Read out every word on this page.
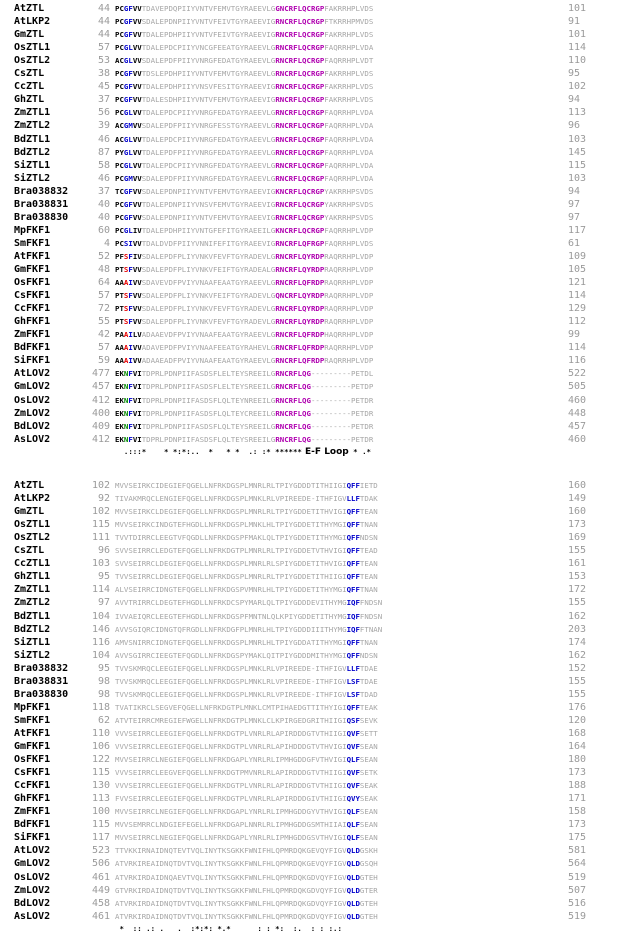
AtZTL	44 PCGFVVTDAVEPDQPIIYVNTVFEMVTGYRAEEVLGGNCRFLQCRGPFAKRRHPLVDS	101
AtLKP2	44 PCGFVVSDALEPDNPIIYVNTVFEIVTGYRAEEVIGRNCRFLQCRGPFTKRRHPMVDS	91
GmZTL	44 PCGFVVTDALEPDHPIIYVNTVFEIVTGYRAEEVIGRNCRFLQCRGPFAKRRHPLVDS	101
OsZTL1	57 PCGLVVTDALEPDCPIIYVNCGFEEATGYRAEEVLGRNCRFLQCRGPFAQRRHPLVDA	114
OsZTL2	53 ACGLVVSDALEPDFPIIYVNRGFEDATGYRAEEVLGRNCRFLQCRGPFAQRRHPLVDT	110
CsZTL	38 PCGFVVTDSLEPDHPIIYVNTVFEMVTGYRAEEVLGRNCRFLQCRGPFAKRRHPLVDS	95
CcZTL	45 PCGFVVTDALEPDHPIIYVNSVFESITGYRAEEVIGRNCRFLQCRGPFAKRRHPLVDS	102
GhZTL	37 PCGFVVTDALESDHPIIYVNTVFEMVTGYRAEEVIGRNCRFLQCRGPFAKRRHPLVDS	94
ZmZTL1	56 PCGLVVTDALEPDCPIIYVNRGFEDATGYRAEEVLGRNCRFLQCRGPFAQRRHPLVDA	113
ZmZTL2	39 ACGMVVSDALEPDFPIIYVNRGFESSTGYRAEEVLGRNCRFLQCRGPFAQRRHPLVDA	96
BdZTL1	46 ACGLVVTDALEPDCPIIYVNRGFEDATGYRAEEVLGRNCRFLQCRGPFAQRRHPLVDA	103
BdZTL2	87 PYGLVVTDALEPDFPIIYVNRGFEDATGYRAEEVLGRNCRFLQCRGPFAQRRHPLVDA	145
SiZTL1	58 PCGLVVTDALEPDCPIIYVNRGFEDATGYRAEEVLGRNCRFLQCRGPFAQRRHPLVDA	115
SiZTL2	46 PCGMVVSDALEPDFPIIYVNRGFEDATGYRAEEVLGRNCRFLQCRGPFAQRRHPLVDA	103
Bra038832	37 TCGFVVSDALEPDNPIIYVNTVFEMVTGYRAEEVIGKNCRFLQCRGPYAKRRHPSVDS	94
Bra038831	40 PCGFVVTDALEPDNPIIYVNSVFEMVTGYRAEEVIGRNCRFLQCRGPYAKRRHPSVDS	97
Bra038830	40 PCGFVVSDALEPDNPIIYVNTVFEMVTGYRAEEVIGRNCRFLQCRGPYAKRRHPSVDS	97
MpFKF1	60 PCGLIVTDALEPDHPIIYVNTGFEFITGYRAEEILGKNCRFLQCRGPFAQRRHPLVDP	117
SmFKF1	4 PCSIVVTDALDVDFPIIYVNNIFEFITGYRAEEVIGRNCRFLQFRGPFAQRRHPLVDS	61
AtFKF1	52 PFSFIVSDALEPDFPLIYVNKVFEVFTGYRADEVLGRNCRFLQYRDPRAQRRHPLVDP	109
GmFKF1	48 PTSFVVSDALEPDFPLIYVNKVFEIFTGYRADEALGRNCRFLQYRDPRAQRRHPLVDP	105
OsFKF1	64 AAAIVVSDAVEVDFPVIYVNAAFEAATGYRAEEVLGRNCRFLQFRDPRAQRRHPLVDP	121
CsFKF1	57 PTSFVVSDALEPDFPLIYVNKVFEIFTGYRADEVLGQNCRFLQYRDPRAQRRHPLVDP	114
CcFKF1	72 PTSFVVSDALEPDFPLIYVNKVFEVFTGYRADEVLGRNCRFLQYRDPRAQRRHPLVDP	129
GhFKF1	55 PTSFVVSDALEPDFPLIYVNKVFEVFTGYRADEVLGRNCRFLQYRDPRAQRRHPLVDP	112
ZmFKF1	42 PAAILVADAAEVDFPVIYVNAAFEAATGYRAEEVLGRNCRFLQFRDPHAQRRHPLVDP	99
BdFKF1	57 AAAIVVADAVEPDFPVIYVNAAFEEATGYRAHEVLGRNCRFLQFRDPRAQRRHPLVDP	114
SiFKF1	59 AAAIVVADAAEADFPVIYVNAAFEAATGYRAEEVLGRNCRFLQFRDPRAQRRHPLVDP	116
AtLOV2	477 EKNFVITDPRLPDNPIIFASDSFLELTEYSREEILGRNCRFLQG---------PETDL	522
GmLOV2	457 EKNFVITDPRLPDNPIIFASDSFLELTEYSREEILGRNCRFLQG---------PETDP	505
OsLOV2	412 EKNFVITDPRLPDNPIIFASDSFLQLTEYNREEILGRNCRFLQG---------PETDR	460
ZmLOV2	400 EKNFVITDPRLPDNPIIFASDSFLQLTEYCREEILGRNCRFLQG---------PETDR	448
BdLOV2	409 EKNFVITDPRLPDNPIIFASDSFLQLTEYSREEILGRNCRFLQG---------PETDR	457
AsLOV2	412 EKNFVITDPRLPDNPIIFASDSFLQLTEYSREEILGRNCRFLQG---------PETDR	460
.:::*    * *:*:..  *   * *  .: :* ****** E-F Loop * .*
AtZTL	102 MVVSEIRKCIDEGIEFQGELLNFRKDGSPLMNRLRLTPIYGDDDTITHIIGIQFFIETD	160
AtLKP2	92 TIVAKMRQCLENGIEFQGELLNFRKDGSPLMNKLRLVPIREEDE-ITHFIGVLLFTDAK	149
GmZTL	102 MVVSEIRKCLDEGIEFQGELLNFRKDGSPLMNRLRLTPIYGDDETITHVIGIQFFTEAN	160
OsZTL1	115 MVVSEIRKCINDGTEFHGDLLNFRKDGSPLMNKLHLTPIYGDDETITHYMGIQFFTNAN	173
OsZTL2	111 TVVTDIRRCLEEGTVFQGDLLNFRKDGSPFMAKLQLTPIYGDDETITHYMGIQFFNDSN	169
CsZTL	96 SVVSEIRRCLEDGTEFQGELLNFRKDGTPLMNRLRLTPIYGDDETVTHVIGIQFFTEAD	155
CcZTL1	103 SVVSEIRRCLDEGIEFQGELLNFRKDGSPLMNRLRLSPIYGDDETITHVIGIQFFTEAN	161
GhZTL1	95 TVVSEIRRCLDEGIEFQGELLNFRKDGSPLMNRLRLTPIYGDDETITHIIGIQFFTEAN	153
ZmZTL1	114 ALVSEIRRCIDNGTEFQGELLNFRKDGSPVMNRLHLTPIYGDDETITHYMGIQFFTNAN	172
ZmZTL2	97 AVVTRIRRCLDEGTEFHGDLLNFRKDCSPYMARLQLTPIYGDDDEVITHYMGIQFFNDSN	155
BdZTL1	104 IVVAEIQRCLEEGTEFHGDLLNFRKDGSPFMNTNLQLKPIYGDDETITHYMGIQFFNDSN	162
BdZTL2	146 AVVSGIQRCIDNGTQFRGDLLNFRKDGFPLMNRLHLTPIYGDDDIIITHYMGIQFFTNAN	203
SiZTL1	116 AMVSNIRRCIDNGTEFQGELLNFRKDGSPLMNRLHLTPIYGDDATITHYMGIQFFTNAN	174
SiZTL2	104 AVVSGIRRCIEEGTEFQGDLLNFRKDGSPYMAKLQITPIYGDDDMITHYMGIQFFNDSN	162
Bra038832	95 TVVSKMRQCLEEGIEFQGELLNFRKDGSPLMNKLRLVPIREEDE-ITHFIGVLLFTDAE	152
Bra038831	98 TVVSKMRQCLEEGIEFQGELLNFRKDGSPLMNKLRLVPIREEDE-ITHFIGVLSFTDAE	155
Bra038830	98 TVVSKMRQCLEEGIEFQGELLNFRKDGSPLMNKLRLVPIREEDE-ITHFIGVLSFTDAD	155
MpFKF1	118 TVATIKRCLSEGVEFQGELLNFRKDGTPLMNKLCMTPIHAEDGTTITHYIGIQFFTEAK	176
SmFKF1	62 ATVTEIRRCMREGIEFWGELLNFRKDGTPLMNKLCLKPIRGEDGRITHIIGIQSFSEVK	120
AtFKF1	110 VVVSEIRRCLEEGIEFQGELLNFRKDGTPLVNRLRLAPIRDDDGTVTHIIGIQVFSETT	168
GmFKF1	106 VVVSEIRRCLEEGIEFQGELLNFRKDGTPLVNRLRLAPIHDDDGTVTHVIGIQVFSEAN	164
OsFKF1	122 MVVSEIRRCLNEGIEFQGELLNFRKDGAPLYNRLRLIPMHGDDGFVTHVIGIQLFSEAN	180
CsFKF1	115 VVVSEIRRCLEEGVEFQGELLNFRKDGTPMVNRLRLAPIRDDDGTVTHIIGIQVFSETK	173
CcFKF1	130 VVVSEIRRCLEEGIEFQGELLNFRKDGTPLVNRLRLAPIRDDDGTVTHIIGIQVFSEAK	188
GhFKF1	113 FVVSEIRRCLEEGIEFQGELLNFRKDGTPLVNRLRLAPIRDDDGIVTHIIGIQVYSEAK	171
ZmFKF1	100 MVVSEIRRCLNEGIEFQGELLNFRKDGAPLYNRLRLIPMHGDDGYVTHVIGIQLFSEAN	158
BdFKF1	115 MVVSEMRRCLNDGIEFEGELLNFRKDGAPLNNRLRLIPMHGDDGSMTHIIAIQLFSEAN	173
SiFKF1	117 MVVSEIRRCLNEGIEFQGELLNFRKDGAPLYNRLRLIPMHGDDGSVTHVIGIQLFSEAN	175
AtLOV2	523 TTVKKIRNAIDNQTEVTVQLINYTKSGKKFWNIFHLQPMRDQKGEVQYFIGVQLDGSKH	581
GmLOV2	506 ATVRKIREAIDNQTDVTVQLINYTKSGKKFWNLFHLQPMRDQKGEVQYFIGVQLDGSQH	564
OsLOV2	461 ATVRKIRDAIDNQAEVTVQLINYTKSGKKFWNLFHLQPMRDQKGDVQYFIGVQLDGTEH	519
ZmLOV2	449 GTVRKIRDAIDNQTDVTVQLINYTKSGKKFWNLFHLQPMRDQKGDVQYFIGVQLDGTER	507
BdLOV2	458 ATVRKIRDAIDNQTDVTVQLINYTKSGKKFWNLFHLQPMRDQKGDVQYFIGVQLDGTEH	516
AsLOV2	461 ATVRKIRDAIDNQTDVTVQLINYTKSGKKFWNLFHLQPMRDQKGDVQYFIGVQLDGTEH	519
*  :: .: .   .  :*:*: *.*      : : *:  :.  : : :.:
